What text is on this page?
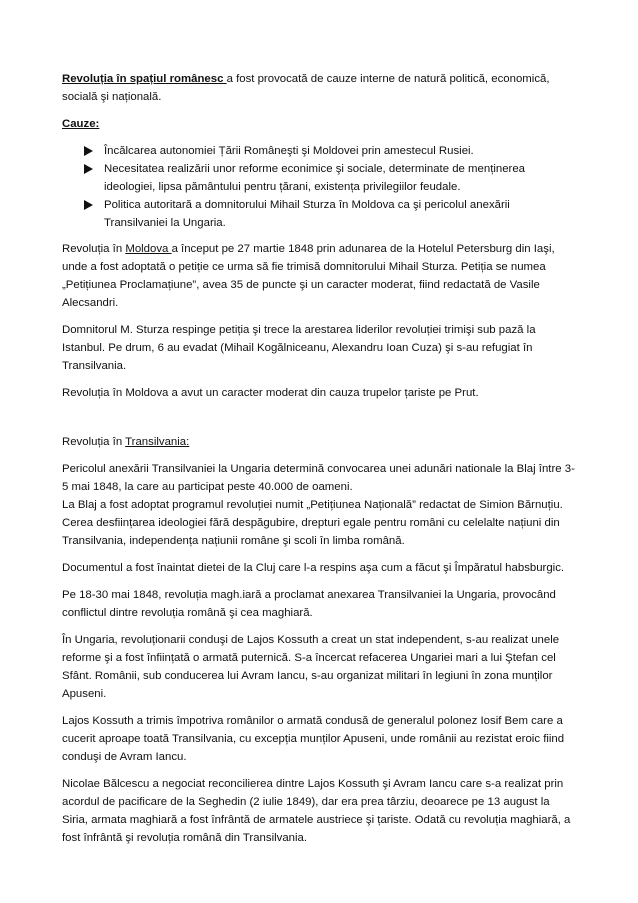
Revoluția în spațiul românesc a fost provocată de cauze interne de natură politică, economică, socială şi națională.

Cauze:

Încălcarea autonomiei Țării Româneşti şi Moldovei prin amestecul Rusiei.
Necesitatea realizării unor reforme econimice şi sociale, determinate de menținerea ideologiei, lipsa pământului pentru țărani, existența privilegiilor feudale.
Politica autoritară a domnitorului Mihail Sturza în Moldova ca şi pericolul anexării Transilvaniei la Ungaria.

Revoluția în Moldova a început pe 27 martie 1848 prin adunarea de la Hotelul Petersburg din Iaşi, unde a fost adoptată o petiție ce urma să fie trimisă domnitorului Mihail Sturza. Petiția se numea „Petițiunea Proclamațiune”, avea 35 de puncte şi un caracter moderat, fiind redactată de Vasile Alecsandri.

Domnitorul M. Sturza respinge petiția şi trece la arestarea liderilor revoluției trimişi sub pază la Istanbul. Pe drum, 6 au evadat (Mihail Kogălniceanu, Alexandru Ioan Cuza) şi s-au refugiat în Transilvania.

Revoluția în Moldova a avut un caracter moderat din cauza trupelor țariste pe Prut.

Revoluția în Transilvania:

Pericolul anexării Transilvaniei la Ungaria determină convocarea unei adunări nationale la Blaj între 3-5 mai 1848, la care au participat peste 40.000 de oameni.

La Blaj a fost adoptat programul revoluției numit „Petițiunea Națională” redactat de Simion Bărnuțiu. Cerea desființarea ideologiei fără despăgubire, drepturi egale pentru români cu celelalte națiuni din Transilvania, independența națiunii române şi scoli în limba română.

Documentul a fost înaintat dietei de la Cluj care l-a respins aşa cum a făcut şi Împăratul habsburgic.

Pe 18-30 mai 1848, revoluția magh.iară a proclamat anexarea Transilvaniei la Ungaria, provocând conflictul dintre revoluția română şi cea maghiară.

În Ungaria, revoluționarii conduşi de Lajos Kossuth a creat un stat independent, s-au realizat unele reforme şi a fost înființată o armată puternică. S-a încercat refacerea Ungariei mari a lui Ştefan cel Sfânt. Românii, sub conducerea lui Avram Iancu, s-au organizat militari în legiuni în zona munților Apuseni.

Lajos Kossuth a trimis împotriva românilor o armată condusă de generalul polonez Iosif Bem care a cucerit aproape toată Transilvania, cu excepția munților Apuseni, unde românii au rezistat eroic fiind conduşi de Avram Iancu.

Nicolae Bălcescu a negociat reconcilierea dintre Lajos Kossuth şi Avram Iancu care s-a realizat prin acordul de pacificare de la Seghedin (2 iulie 1849), dar era prea târziu, deoarece pe 13 august la Siria, armata maghiară a fost înfrântă de armatele austriece şi țariste. Odată cu revoluția maghiară, a fost înfrântă şi revoluția română din Transilvania.
